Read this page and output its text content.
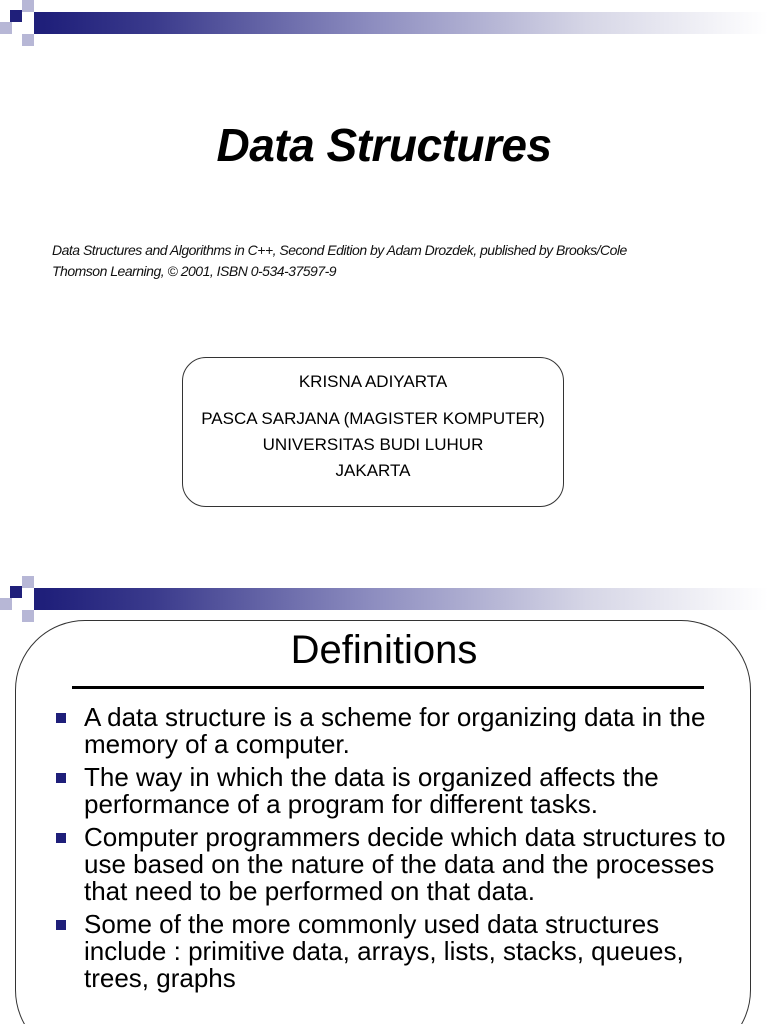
Data Structures
Data Structures and Algorithms in C++, Second Edition by Adam Drozdek, published by Brooks/Cole
Thomson Learning, © 2001, ISBN 0-534-37597-9
KRISNA ADIYARTA
PASCA SARJANA (MAGISTER KOMPUTER)
UNIVERSITAS BUDI LUHUR
JAKARTA
Definitions
A data structure is a scheme for organizing data in the memory of a computer.
The way in which the data is organized affects the performance of a program for different tasks.
Computer programmers decide which data structures to use based on the nature of the data and the processes that need to be performed on that data.
Some of the more commonly used data structures include : primitive data, arrays, lists, stacks, queues, trees, graphs
